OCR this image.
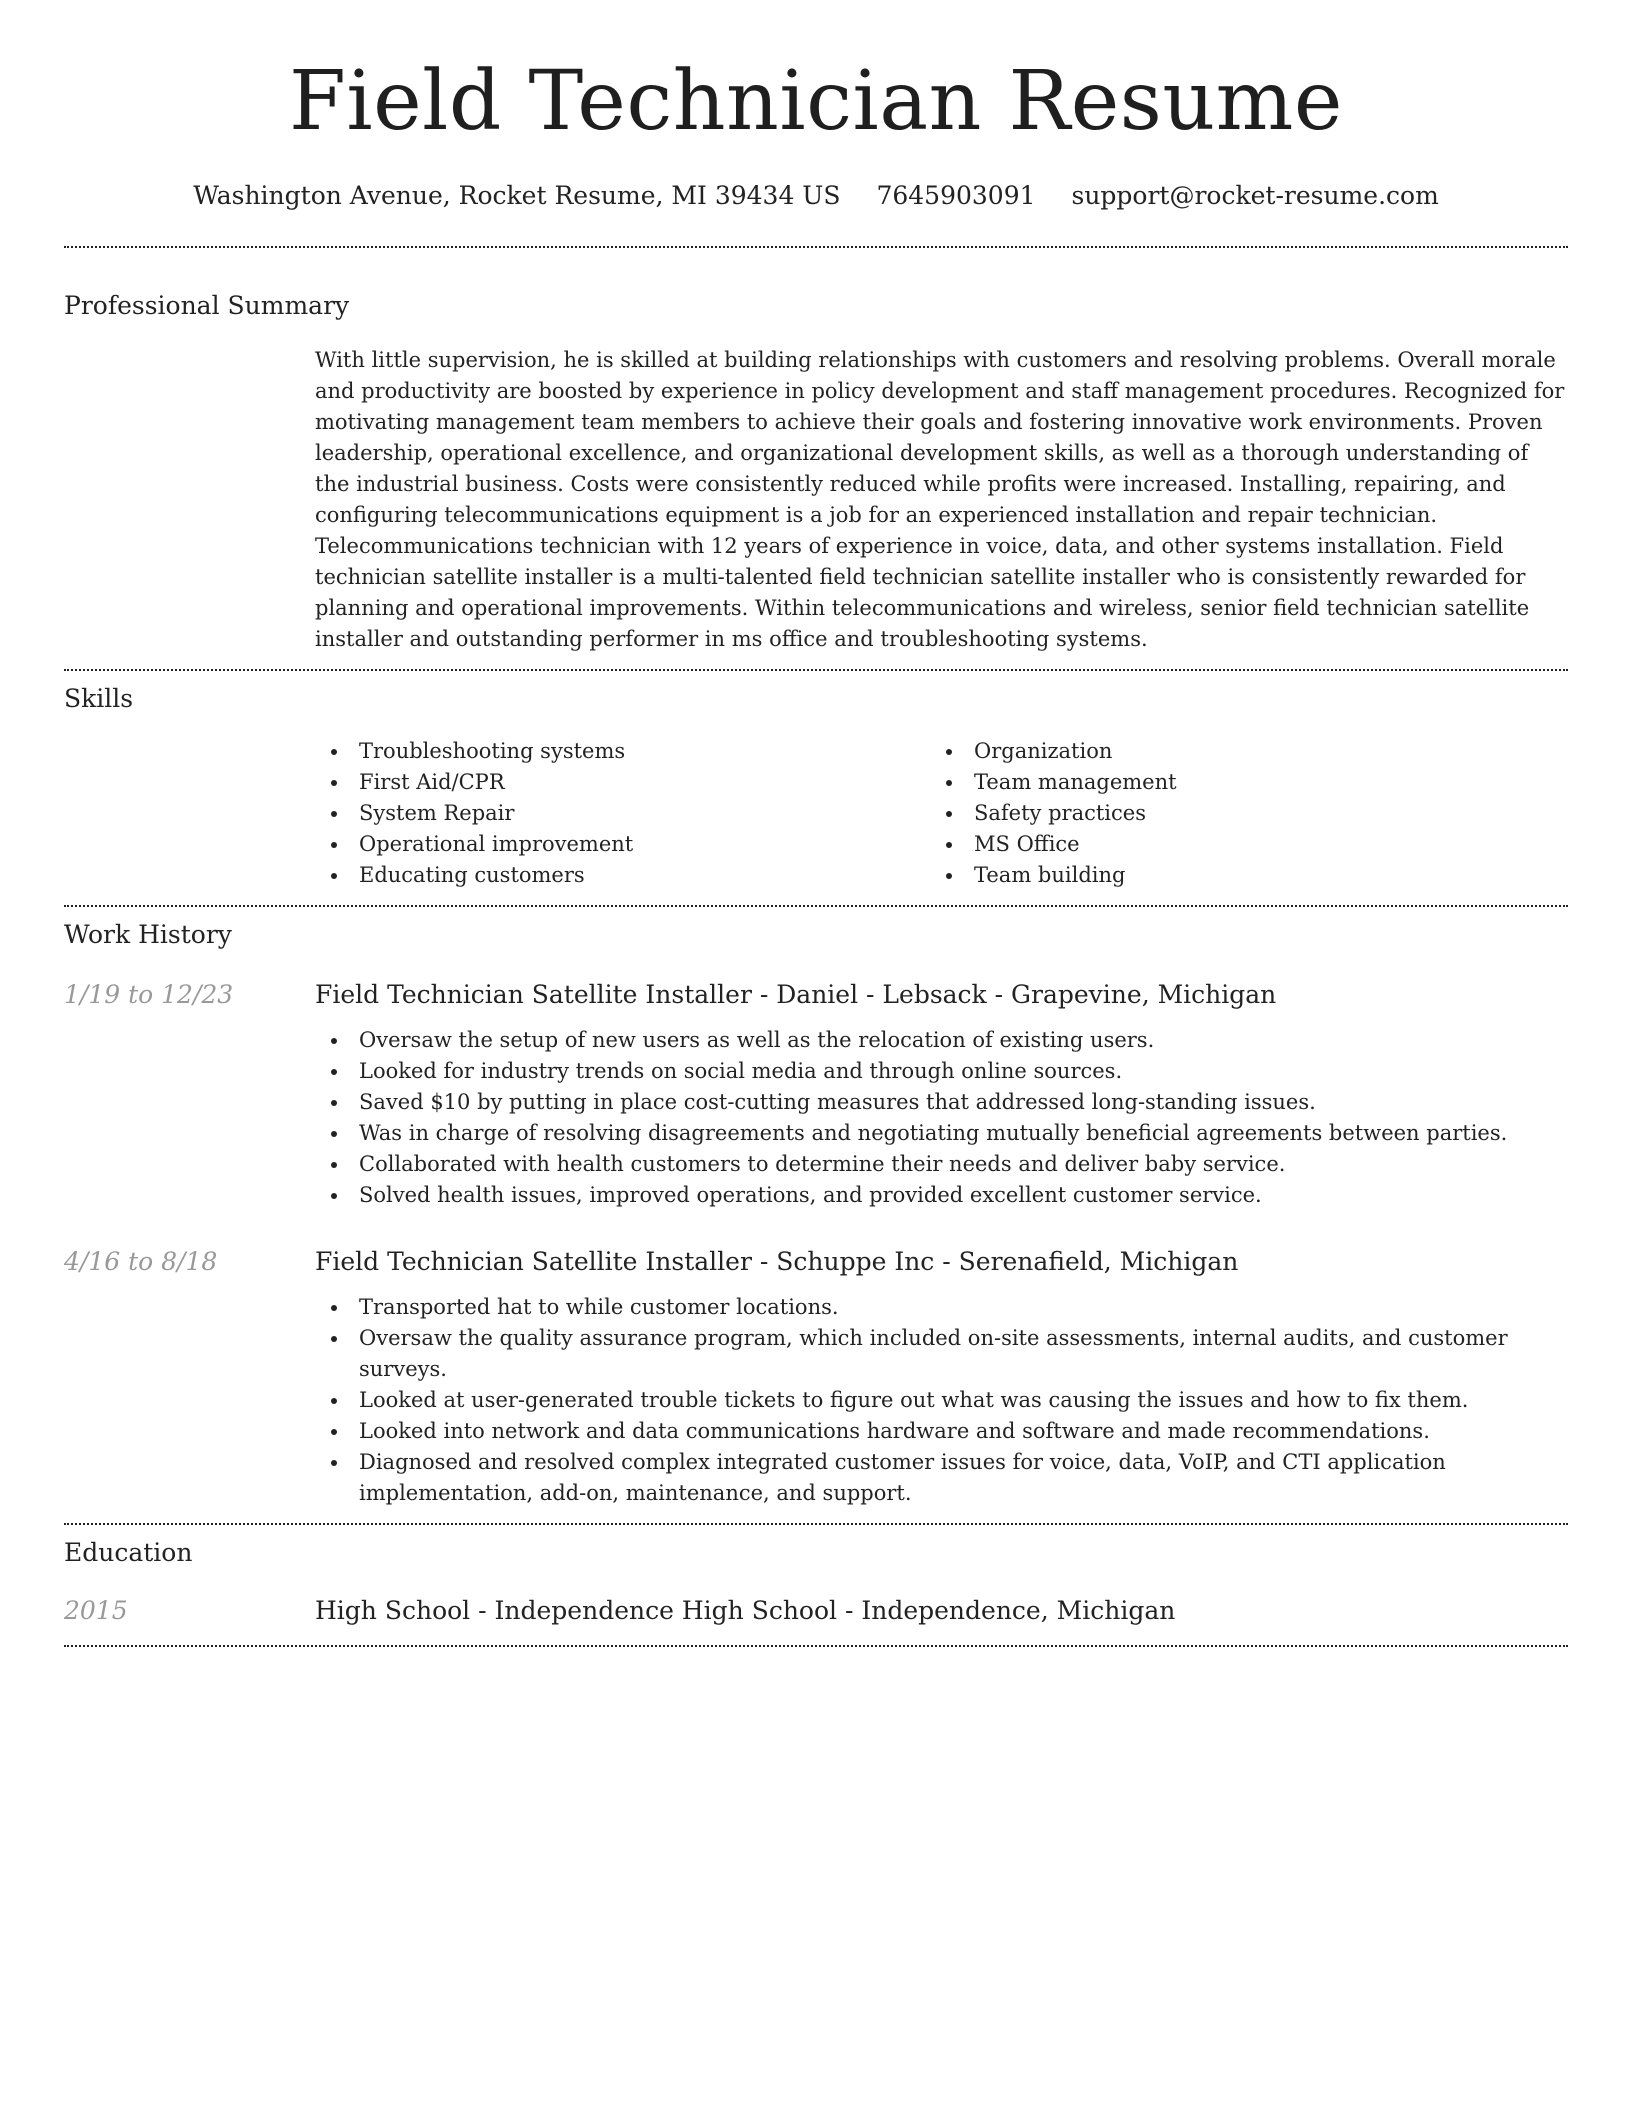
Field Technician Resume
Washington Avenue, Rocket Resume, MI 39434 US 7645903091 support@rocket-resume.com
Professional Summary

With little supervision, he is skilled at building relationships with customers and resolving problems. Overall morale and productivity are boosted by experience in policy development and staff management procedures. Recognized for motivating management team members to achieve their goals and fostering innovative work environments. Proven leadership, operational excellence, and organizational development skills, as well as a thorough understanding of the industrial business. Costs were consistently reduced while profits were increased. Installing, repairing, and configuring telecommunications equipment is a job for an experienced installation and repair technician. Telecommunications technician with 12 years of experience in voice, data, and other systems installation. Field technician satellite installer is a multi-talented field technician satellite installer who is consistently rewarded for planning and operational improvements. Within telecommunications and wireless, senior field technician satellite installer and outstanding performer in ms office and troubleshooting systems.

Skills
Troubleshooting systems
First Aid/CPR
System Repair
Operational improvement
Educating customers
Organization
Team management
Safety practices
MS Office
Team building
Work History
1/19 to 12/23	Field Technician Satellite Installer - Daniel - Lebsack - Grapevine, Michigan
Oversaw the setup of new users as well as the relocation of existing users.
Looked for industry trends on social media and through online sources.
Saved $10 by putting in place cost-cutting measures that addressed long-standing issues.
Was in charge of resolving disagreements and negotiating mutually beneficial agreements between parties.
Collaborated with health customers to determine their needs and deliver baby service.
Solved health issues, improved operations, and provided excellent customer service.
4/16 to 8/18	Field Technician Satellite Installer - Schuppe Inc - Serenafield, Michigan
Transported hat to while customer locations.
Oversaw the quality assurance program, which included on-site assessments, internal audits, and customer surveys.
Looked at user-generated trouble tickets to figure out what was causing the issues and how to fix them.
Looked into network and data communications hardware and software and made recommendations.
Diagnosed and resolved complex integrated customer issues for voice, data, VoIP, and CTI application implementation, add-on, maintenance, and support.
Education
2015	High School - Independence High School - Independence, Michigan
